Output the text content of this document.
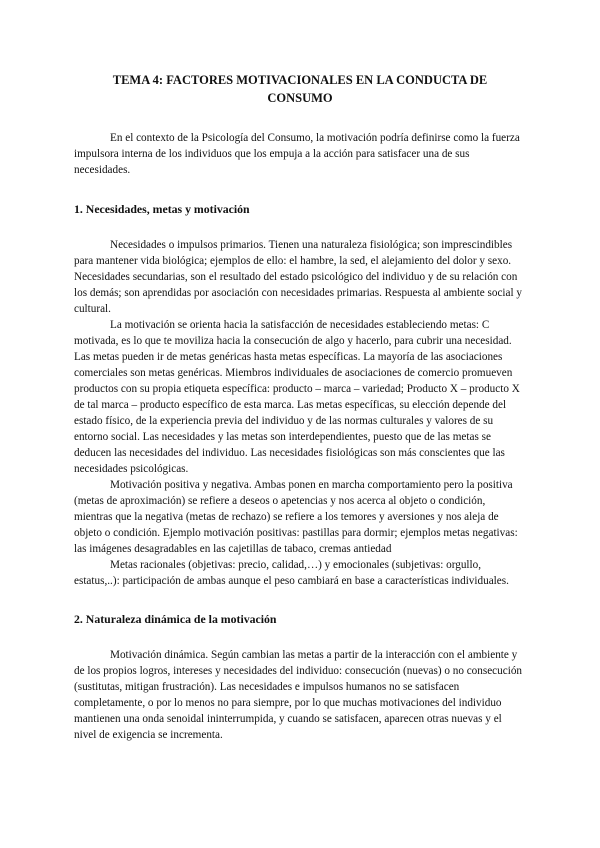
TEMA 4: FACTORES MOTIVACIONALES EN LA CONDUCTA DE CONSUMO

En el contexto de la Psicología del Consumo, la motivación podría definirse como la fuerza impulsora interna de los individuos que los empuja a la acción para satisfacer una de sus necesidades.

1. Necesidades, metas y motivación

Necesidades o impulsos primarios. Tienen una naturaleza fisiológica; son imprescindibles para mantener vida biológica; ejemplos de ello: el hambre, la sed, el alejamiento del dolor y sexo. Necesidades secundarias, son el resultado del estado psicológico del individuo y de su relación con los demás; son aprendidas por asociación con necesidades primarias. Respuesta al ambiente social y cultural.

La motivación se orienta hacia la satisfacción de necesidades estableciendo metas: C motivada, es lo que te moviliza hacia la consecución de algo y hacerlo, para cubrir una necesidad. Las metas pueden ir de metas genéricas hasta metas específicas. La mayoría de las asociaciones comerciales son metas genéricas. Miembros individuales de asociaciones de comercio promueven productos con su propia etiqueta específica: producto – marca – variedad; Producto X – producto X de tal marca – producto específico de esta marca. Las metas específicas, su elección depende del estado físico, de la experiencia previa del individuo y de las normas culturales y valores de su entorno social. Las necesidades y las metas son interdependientes, puesto que de las metas se deducen las necesidades del individuo. Las necesidades fisiológicas son más conscientes que las necesidades psicológicas.

Motivación positiva y negativa. Ambas ponen en marcha comportamiento pero la positiva (metas de aproximación) se refiere a deseos o apetencias y nos acerca al objeto o condición, mientras que la negativa (metas de rechazo) se refiere a los temores y aversiones y nos aleja de objeto o condición. Ejemplo motivación positivas: pastillas para dormir; ejemplos metas negativas: las imágenes desagradables en las cajetillas de tabaco, cremas antiedad

Metas racionales (objetivas: precio, calidad,…) y emocionales (subjetivas: orgullo, estatus,..): participación de ambas aunque el peso cambiará en base a características individuales.

2. Naturaleza dinámica de la motivación

Motivación dinámica. Según cambian las metas a partir de la interacción con el ambiente y de los propios logros, intereses y necesidades del individuo: consecución (nuevas) o no consecución (sustitutas, mitigan frustración). Las necesidades e impulsos humanos no se satisfacen completamente, o por lo menos no para siempre, por lo que muchas motivaciones del individuo mantienen una onda senoidal ininterrumpida, y cuando se satisfacen, aparecen otras nuevas y el nivel de exigencia se incrementa.
